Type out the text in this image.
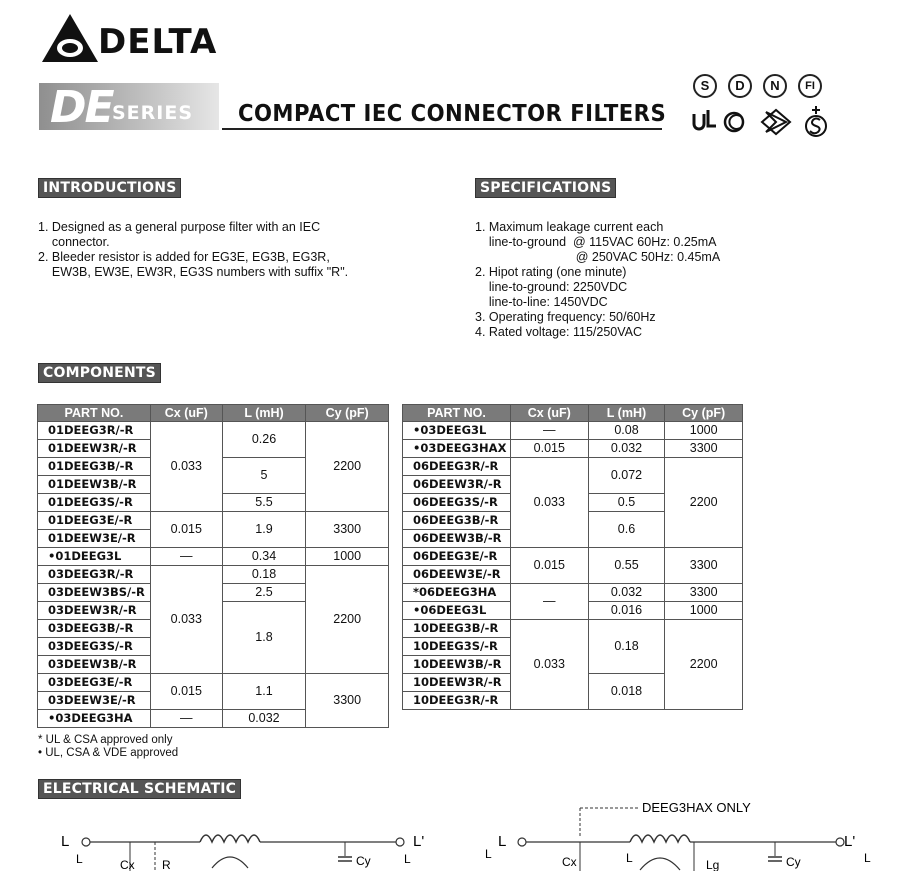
DELTA
DE SERIES COMPACT IEC CONNECTOR FILTERS
S	D	N	FI
INTRODUCTIONS
1. Designed as a general purpose filter with an IEC
connector.
2. Bleeder resistor is added for EG3E, EG3B, EG3R,
EW3B, EW3E, EW3R, EG3S numbers with suffix "R".
SPECIFICATIONS
1. Maximum leakage current each
line-to-ground  @ 115VAC 60Hz: 0.25mA
@ 250VAC 50Hz: 0.45mA
2. Hipot rating (one minute)
line-to-ground: 2250VDC
line-to-line: 1450VDC
3. Operating frequency: 50/60Hz
4. Rated voltage: 115/250VAC
COMPONENTS
PART NO.	Cx (uF)	L (mH)	Cy (pF)
01DEEG3R/-R	0.033	0.26	2200
01DEEW3R/-R			
01DEEG3B/-R		5	
01DEEW3B/-R			
01DEEG3S/-R		5.5	
01DEEG3E/-R	0.015	1.9	3300
01DEEW3E/-R			
•01DEEG3L	—	0.34	1000
03DEEG3R/-R	0.033	0.18	2200
03DEEW3BS/-R		2.5	
03DEEW3R/-R		1.8	
03DEEG3B/-R			
03DEEG3S/-R			
03DEEW3B/-R			
03DEEG3E/-R	0.015	1.1	3300
03DEEW3E/-R			
•03DEEG3HA	—	0.032	
PART NO.	Cx (uF)	L (mH)	Cy (pF)
•03DEEG3L	—	0.08	1000
•03DEEG3HAX	0.015	0.032	3300
06DEEG3R/-R	0.033	0.072	2200
06DEEW3R/-R			
06DEEG3S/-R		0.5	
06DEEG3B/-R		0.6	
06DEEW3B/-R			
06DEEG3E/-R	0.015	0.55	3300
06DEEW3E/-R			
*06DEEG3HA	—	0.032	3300
•06DEEG3L		0.016	1000
10DEEG3B/-R	0.033	0.18	2200
10DEEG3S/-R			
10DEEW3B/-R			
10DEEW3R/-R		0.018	
10DEEG3R/-R			
* UL & CSA approved only
• UL, CSA & VDE approved
ELECTRICAL SCHEMATIC
L	L'
L	Cx R	Cy	L
DEEG3HAX ONLY
L	L'
L
Cx	L	Lg	Cy	L
